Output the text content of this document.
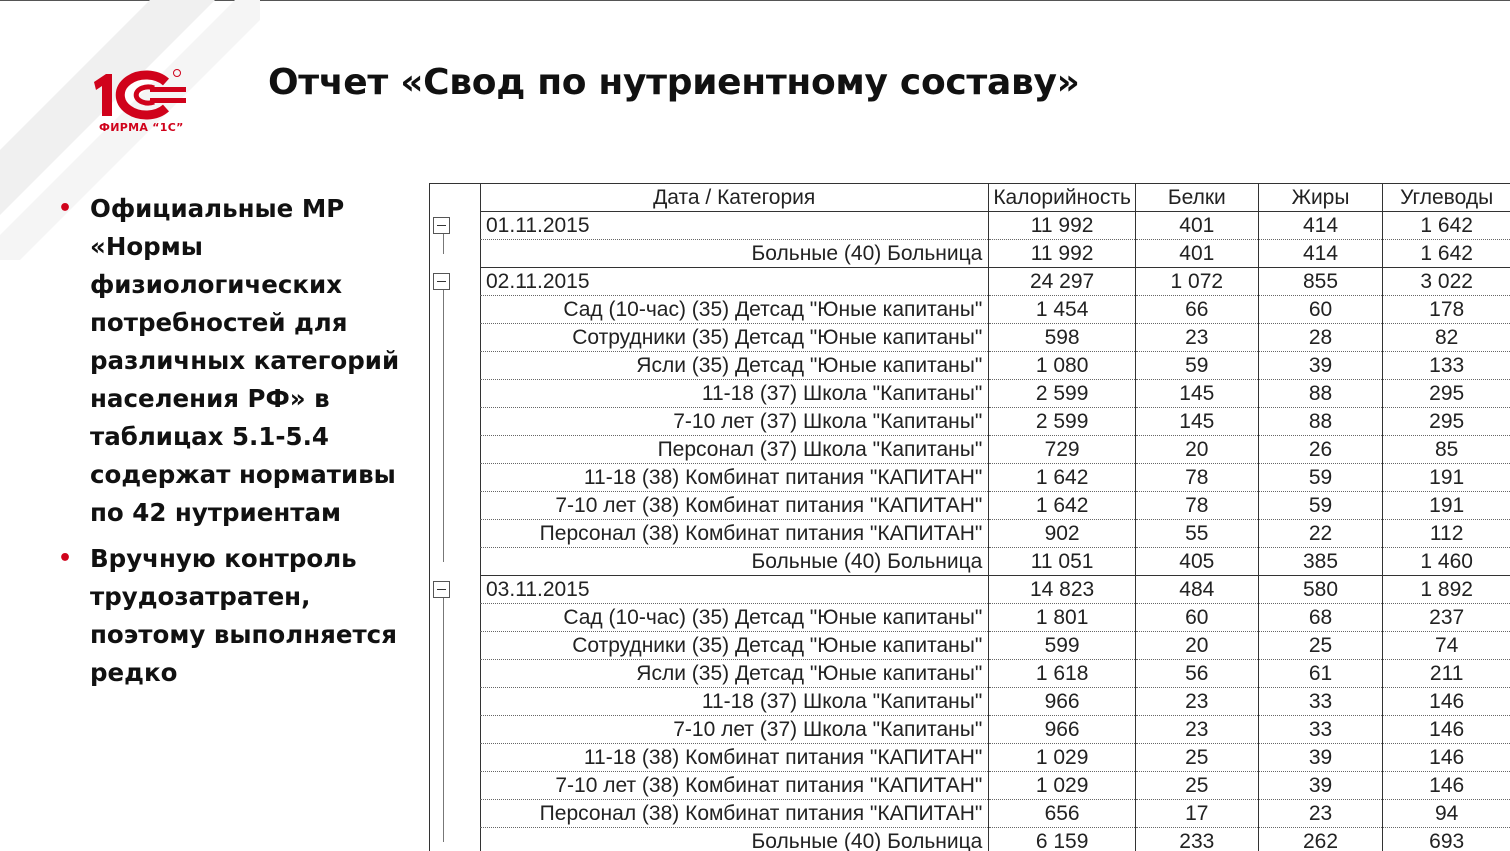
ФИРМА “1С”
Отчет «Свод по нутриентному составу»
• Официальные МР «Нормы физиологических потребностей для различных категорий населения РФ» в таблицах 5.1-5.4 содержат нормативы по 42 нутриентам
• Вручную контроль трудозатратен, поэтому выполняется редко
Дата / Категория	Калорийность	Белки	Жиры	Углеводы
01.11.2015	11 992	401	414	1 642
Больные (40) Больница	11 992	401	414	1 642
02.11.2015	24 297	1 072	855	3 022
Сад (10-час) (35) Детсад "Юные капитаны"	1 454	66	60	178
Сотрудники (35) Детсад "Юные капитаны"	598	23	28	82
Ясли (35) Детсад "Юные капитаны"	1 080	59	39	133
11-18 (37) Школа "Капитаны"	2 599	145	88	295
7-10 лет (37) Школа "Капитаны"	2 599	145	88	295
Персонал (37) Школа "Капитаны"	729	20	26	85
11-18 (38) Комбинат питания "КАПИТАН"	1 642	78	59	191
7-10 лет (38) Комбинат питания "КАПИТАН"	1 642	78	59	191
Персонал (38) Комбинат питания "КАПИТАН"	902	55	22	112
Больные (40) Больница	11 051	405	385	1 460
03.11.2015	14 823	484	580	1 892
Сад (10-час) (35) Детсад "Юные капитаны"	1 801	60	68	237
Сотрудники (35) Детсад "Юные капитаны"	599	20	25	74
Ясли (35) Детсад "Юные капитаны"	1 618	56	61	211
11-18 (37) Школа "Капитаны"	966	23	33	146
7-10 лет (37) Школа "Капитаны"	966	23	33	146
11-18 (38) Комбинат питания "КАПИТАН"	1 029	25	39	146
7-10 лет (38) Комбинат питания "КАПИТАН"	1 029	25	39	146
Персонал (38) Комбинат питания "КАПИТАН"	656	17	23	94
Больные (40) Больница	6 159	233	262	693
